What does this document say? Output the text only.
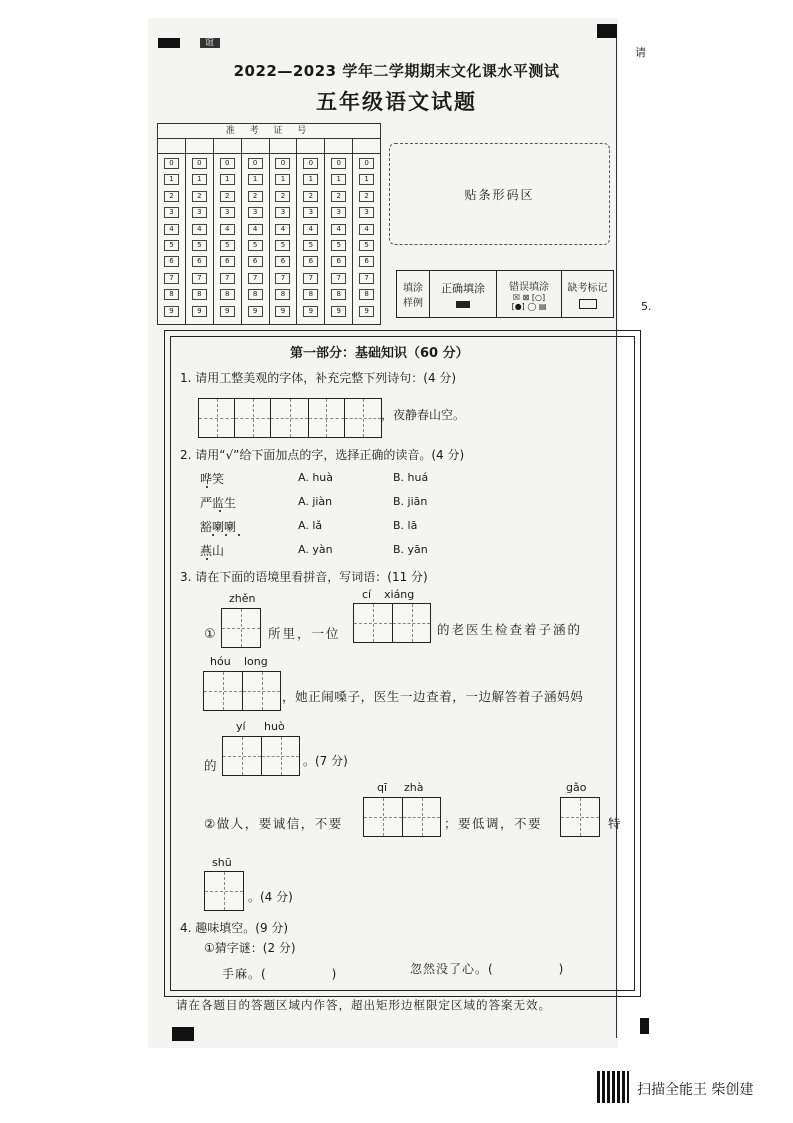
谊
请
5.
2022—2023 学年二学期期末文化课水平测试
五年级语文试题
准 考 证 号
0
1
2
3
4
5
6
7
8
9
0
1
2
3
4
5
6
7
8
9
0
1
2
3
4
5
6
7
8
9
0
1
2
3
4
5
6
7
8
9
0
1
2
3
4
5
6
7
8
9
0
1
2
3
4
5
6
7
8
9
0
1
2
3
4
5
6
7
8
9
0
1
2
3
4
5
6
7
8
9
贴条形码区
填涂
样例
正确填涂 错误填涂
☒ ⊠ [○]
[●] ◯ ▤
缺考标记
第一部分：基础知识（60 分）
1. 请用工整美观的字体，补充完整下列诗句：(4 分)
，夜静春山空。
2. 请用“√”给下面加点的字，选择正确的读音。(4 分)
哗笑	A. huà	B. huá
严监生	A. jiàn	B. jiān
豁喇喇	A. lǎ	B. lā
燕山	A. yàn	B. yān
3. 请在下面的语境里看拼音，写词语：(11 分)
zhěn
①	所里，一位
cí xiáng
的老医生检查着子涵的
hóu long
，她正闹嗓子，医生一边查着，一边解答着子涵妈妈
yí huò
的	。(7 分)
qī zhà
②做人，要诚信，不要	；要低调，不要
gǎo
特
shū
。(4 分)
4. 趣味填空。(9 分)
①猜字谜：(2 分)
手麻。(　　　　　)	忽然没了心。(　　　　　)
请在各题目的答题区域内作答，超出矩形边框限定区域的答案无效。
扫描全能王 柴创建
